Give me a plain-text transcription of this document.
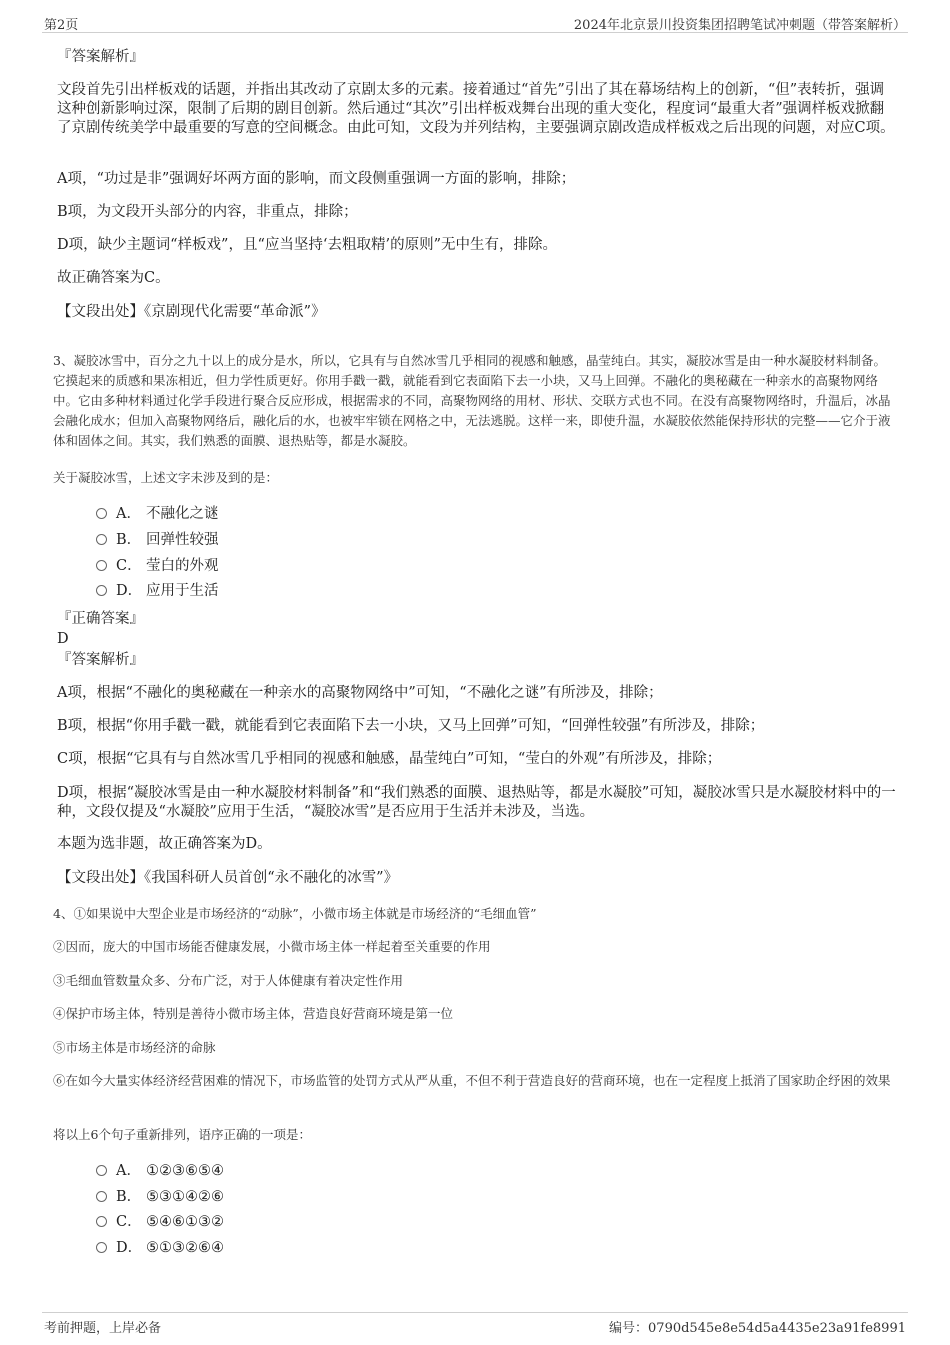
第2页	2024年北京景川投资集团招聘笔试冲刺题（带答案解析）

『答案解析』

文段首先引出样板戏的话题，并指出其改动了京剧太多的元素。接着通过“首先”引出了其在幕场结构上的创新，“但”表转折，强调这种创新影响过深，限制了后期的剧目创新。然后通过“其次”引出样板戏舞台出现的重大变化，程度词“最重大者”强调样板戏掀翻了京剧传统美学中最重要的写意的空间概念。由此可知，文段为并列结构，主要强调京剧改造成样板戏之后出现的问题，对应C项。

A项，“功过是非”强调好坏两方面的影响，而文段侧重强调一方面的影响，排除；

B项，为文段开头部分的内容，非重点，排除；

D项，缺少主题词“样板戏”，且“应当坚持‘去粗取精’的原则”无中生有，排除。

故正确答案为C。

【文段出处】《京剧现代化需要“革命派”》

3、凝胶冰雪中，百分之九十以上的成分是水，所以，它具有与自然冰雪几乎相同的视感和触感，晶莹纯白。其实，凝胶冰雪是由一种水凝胶材料制备。它摸起来的质感和果冻相近，但力学性质更好。你用手戳一戳，就能看到它表面陷下去一小块，又马上回弹。不融化的奥秘藏在一种亲水的高聚物网络中。它由多种材料通过化学手段进行聚合反应形成，根据需求的不同，高聚物网络的用材、形状、交联方式也不同。在没有高聚物网络时，升温后，冰晶会融化成水；但加入高聚物网络后，融化后的水，也被牢牢锁在网格之中，无法逃脱。这样一来，即使升温，水凝胶依然能保持形状的完整——它介于液体和固体之间。其实，我们熟悉的面膜、退热贴等，都是水凝胶。

关于凝胶冰雪，上述文字未涉及到的是：

A． 不融化之谜
B． 回弹性较强
C． 莹白的外观
D． 应用于生活

『正确答案』

D

『答案解析』

A项，根据“不融化的奥秘藏在一种亲水的高聚物网络中”可知，“不融化之谜”有所涉及，排除；

B项，根据“你用手戳一戳，就能看到它表面陷下去一小块，又马上回弹”可知，“回弹性较强”有所涉及，排除；

C项，根据“它具有与自然冰雪几乎相同的视感和触感，晶莹纯白”可知，“莹白的外观”有所涉及，排除；

D项，根据“凝胶冰雪是由一种水凝胶材料制备”和“我们熟悉的面膜、退热贴等，都是水凝胶”可知，凝胶冰雪只是水凝胶材料中的一种，文段仅提及“水凝胶”应用于生活，“凝胶冰雪”是否应用于生活并未涉及，当选。

本题为选非题，故正确答案为D。

【文段出处】《我国科研人员首创“永不融化的冰雪”》

4、①如果说中大型企业是市场经济的“动脉”，小微市场主体就是市场经济的“毛细血管”

②因而，庞大的中国市场能否健康发展，小微市场主体一样起着至关重要的作用

③毛细血管数量众多、分布广泛，对于人体健康有着决定性作用

④保护市场主体，特别是善待小微市场主体，营造良好营商环境是第一位

⑤市场主体是市场经济的命脉

⑥在如今大量实体经济经营困难的情况下，市场监管的处罚方式从严从重，不但不利于营造良好的营商环境，也在一定程度上抵消了国家助企纾困的效果

将以上6个句子重新排列，语序正确的一项是：

A． ①②③⑥⑤④
B． ⑤③①④②⑥
C． ⑤④⑥①③②
D． ⑤①③②⑥④
考前押题，上岸必备	编号：0790d545e8e54d5a4435e23a91fe8991
